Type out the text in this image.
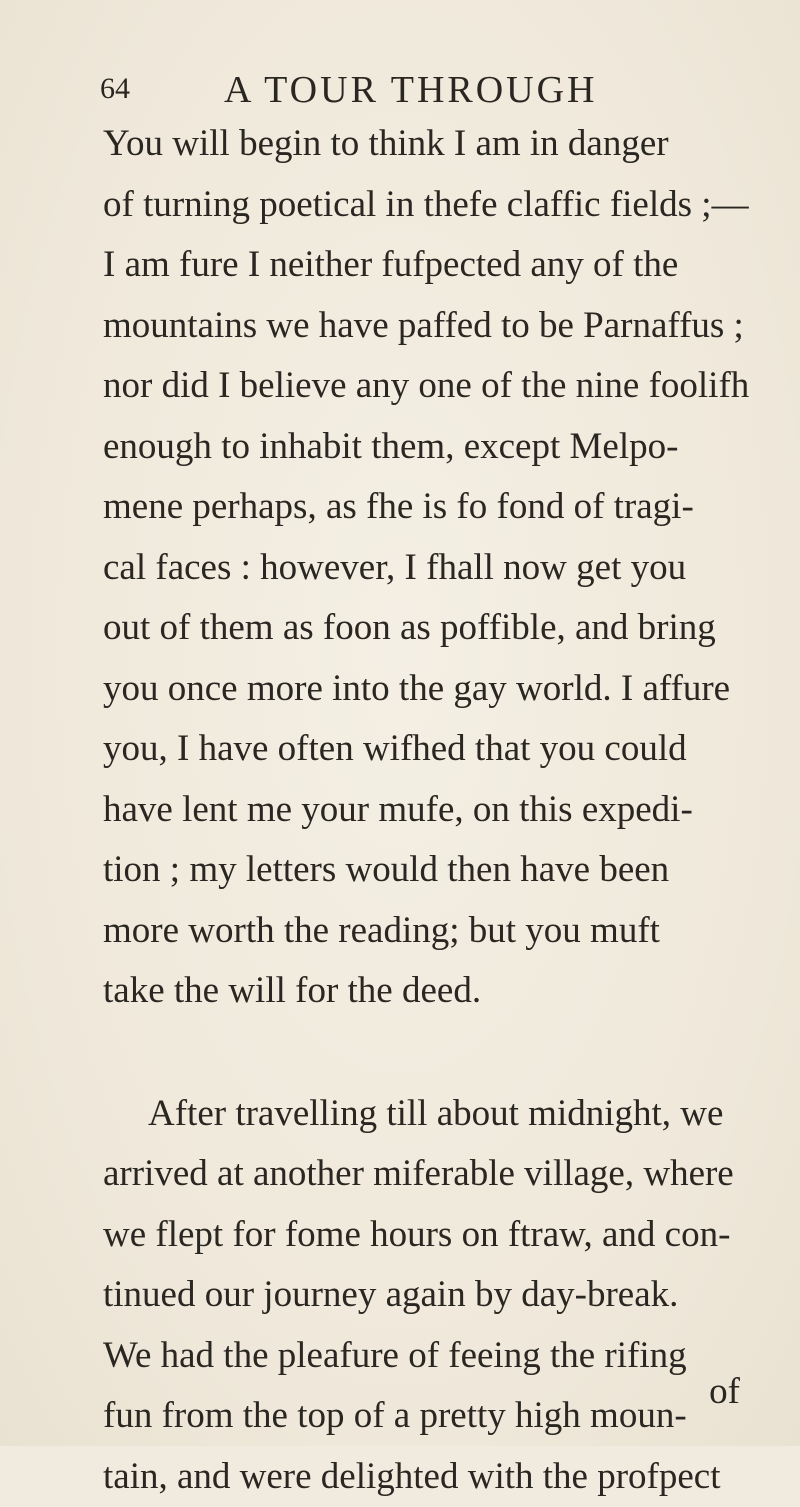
64 A TOUR THROUGH
You will begin to think I am in danger
of turning poetical in thefe claffic fields ;—
I am fure I neither fufpected any of the
mountains we have paffed to be Parnaffus ;
nor did I believe any one of the nine foolifh
enough to inhabit them, except Melpo-
mene perhaps, as fhe is fo fond of tragi-
cal faces : however, I fhall now get you
out of them as foon as poffible, and bring
you once more into the gay world. I affure
you, I have often wifhed that you could
have lent me your mufe, on this expedi-
tion ; my letters would then have been
more worth the reading; but you muft
take the will for the deed.
After travelling till about midnight, we
arrived at another miferable village, where
we flept for fome hours on ftraw, and con-
tinued our journey again by day-break.
We had the pleafure of feeing the rifing
fun from the top of a pretty high moun-
tain, and were delighted with the profpect
of
